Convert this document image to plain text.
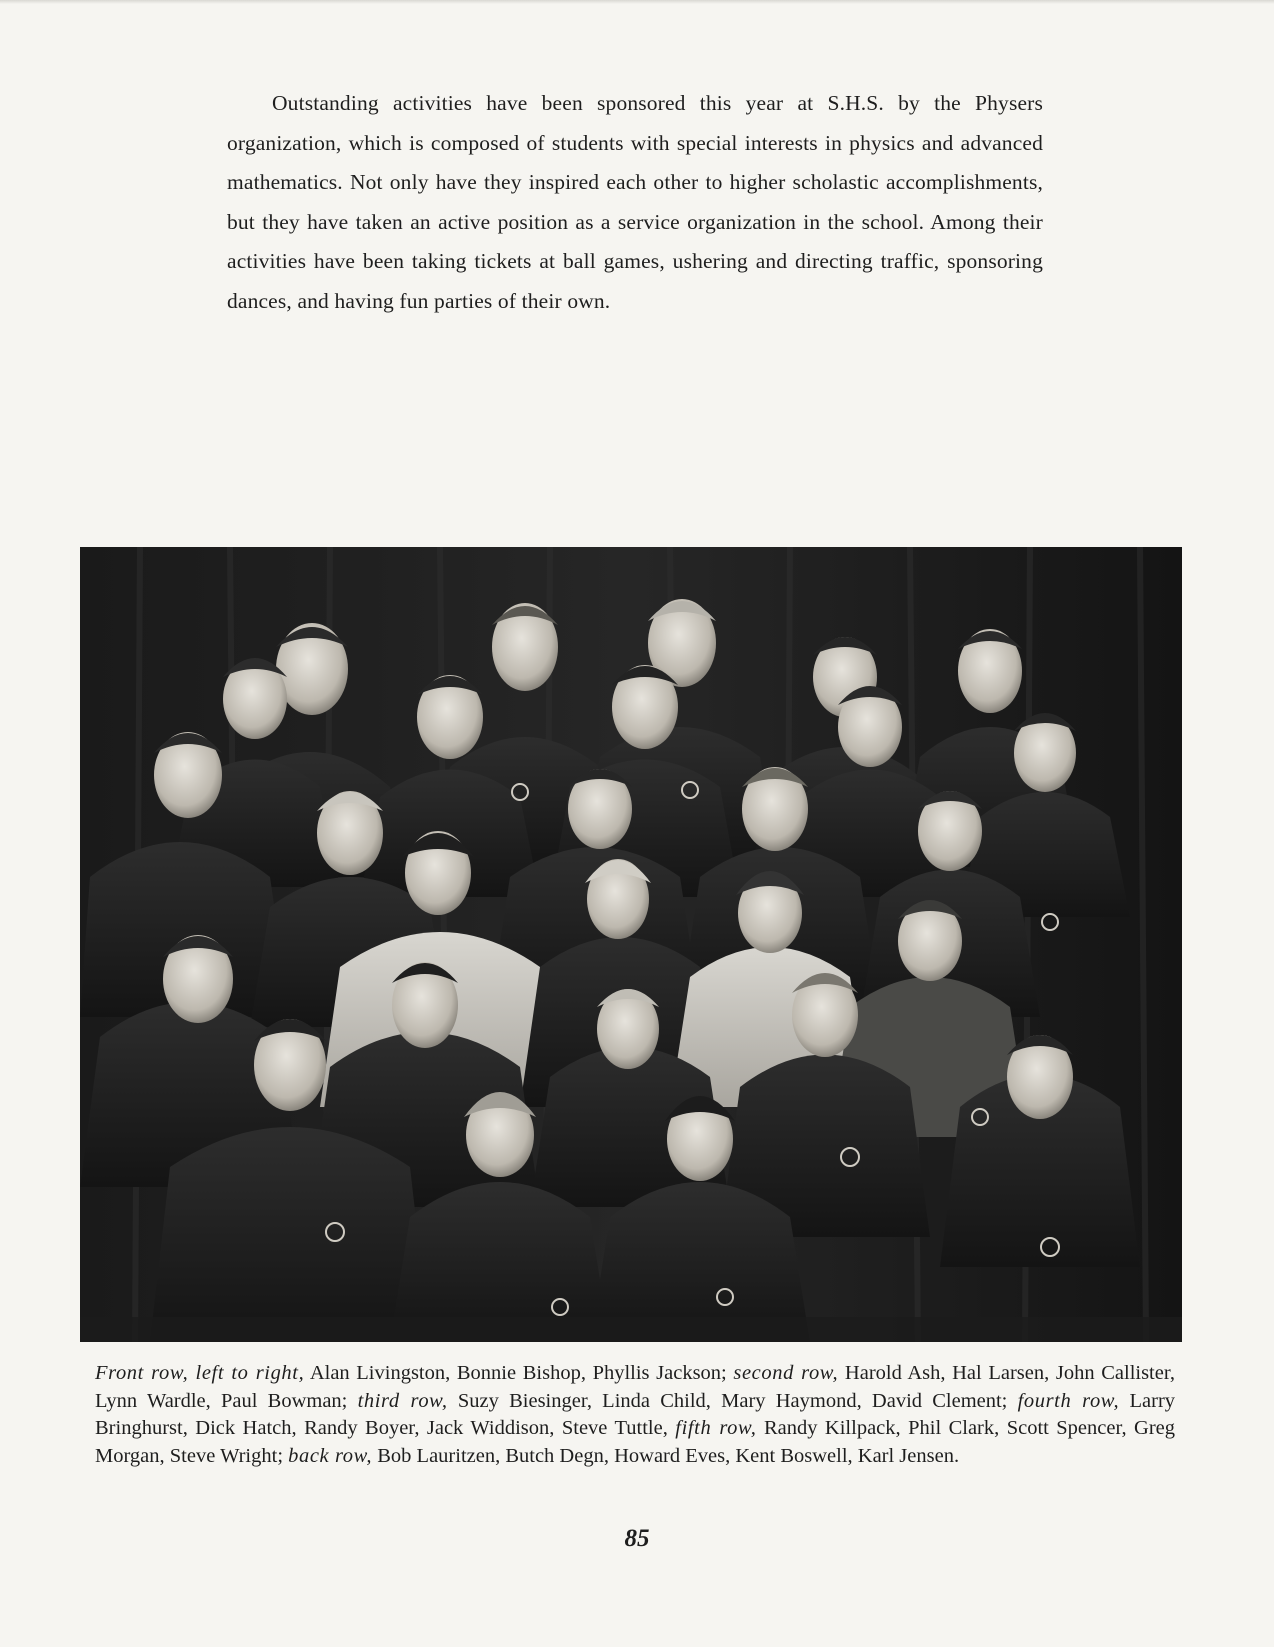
Outstanding activities have been sponsored this year at S.H.S. by the Physers organization, which is composed of students with special interests in physics and advanced mathematics. Not only have they inspired each other to higher scholastic accomplishments, but they have taken an active position as a service organization in the school. Among their activities have been taking tickets at ball games, ushering and directing traffic, sponsoring dances, and having fun parties of their own.

Front row, left to right, Alan Livingston, Bonnie Bishop, Phyllis Jackson; second row, Harold Ash, Hal Larsen, John Callister, Lynn Wardle, Paul Bowman; third row, Suzy Biesinger, Linda Child, Mary Haymond, David Clement; fourth row, Larry Bringhurst, Dick Hatch, Randy Boyer, Jack Widdison, Steve Tuttle, fifth row, Randy Killpack, Phil Clark, Scott Spencer, Greg Morgan, Steve Wright; back row, Bob Lauritzen, Butch Degn, Howard Eves, Kent Boswell, Karl Jensen.

85
